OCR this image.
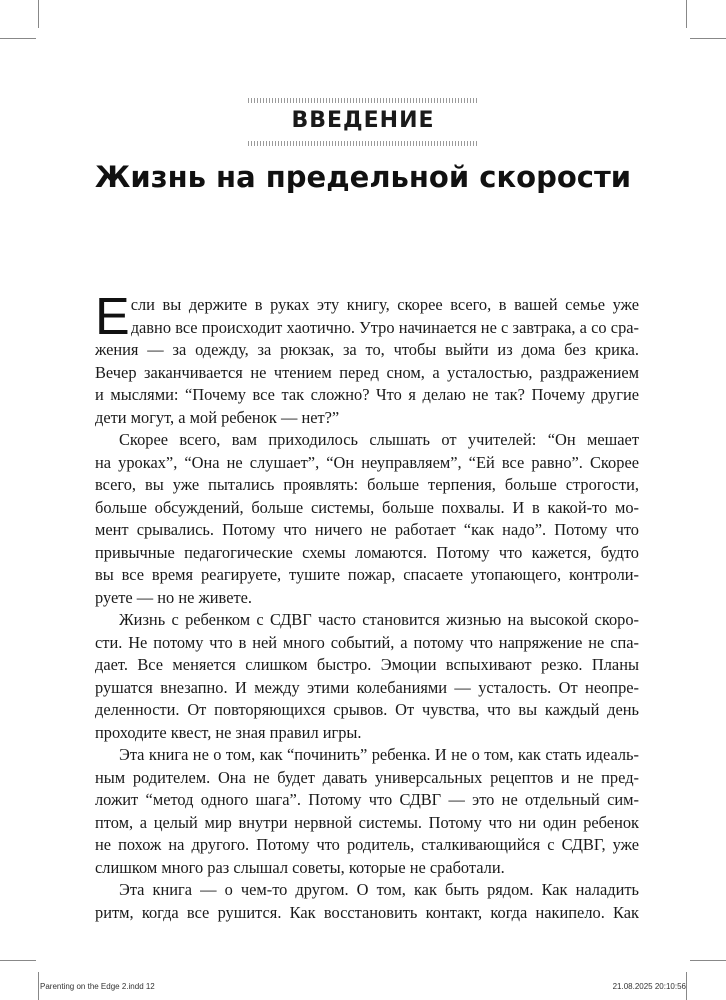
ВВЕДЕНИЕ
Жизнь на предельной скорости
Е сли вы держите в руках эту книгу, скорее всего, в вашей семье уже
давно все происходит хаотично. Утро начинается не с завтрака, а со сра-
жения — за одежду, за рюкзак, за то, чтобы выйти из дома без крика.
Вечер заканчивается не чтением перед сном, а усталостью, раздражением
и мыслями: “Почему все так сложно? Что я делаю не так? Почему другие
дети могут, а мой ребенок — нет?”
Скорее всего, вам приходилось слышать от учителей: “Он мешает
на уроках”, “Она не слушает”, “Он неуправляем”, “Ей все равно”. Скорее
всего, вы уже пытались проявлять: больше терпения, больше строгости,
больше обсуждений, больше системы, больше похвалы. И в какой-то мо-
мент срывались. Потому что ничего не работает “как надо”. Потому что
привычные педагогические схемы ломаются. Потому что кажется, будто
вы все время реагируете, тушите пожар, спасаете утопающего, контроли-
руете — но не живете.
Жизнь с ребенком с СДВГ часто становится жизнью на высокой скоро-
сти. Не потому что в ней много событий, а потому что напряжение не спа-
дает. Все меняется слишком быстро. Эмоции вспыхивают резко. Планы
рушатся внезапно. И между этими колебаниями — усталость. От неопре-
деленности. От повторяющихся срывов. От чувства, что вы каждый день
проходите квест, не зная правил игры.
Эта книга не о том, как “починить” ребенка. И не о том, как стать идеаль-
ным родителем. Она не будет давать универсальных рецептов и не пред-
ложит “метод одного шага”. Потому что СДВГ — это не отдельный сим-
птом, а целый мир внутри нервной системы. Потому что ни один ребенок
не похож на другого. Потому что родитель, сталкивающийся с СДВГ, уже
слишком много раз слышал советы, которые не сработали.
Эта книга — о чем-то другом. О том, как быть рядом. Как наладить
ритм, когда все рушится. Как восстановить контакт, когда накипело. Как
Parenting on the Edge 2.indd 12	21.08.2025 20:10:56
